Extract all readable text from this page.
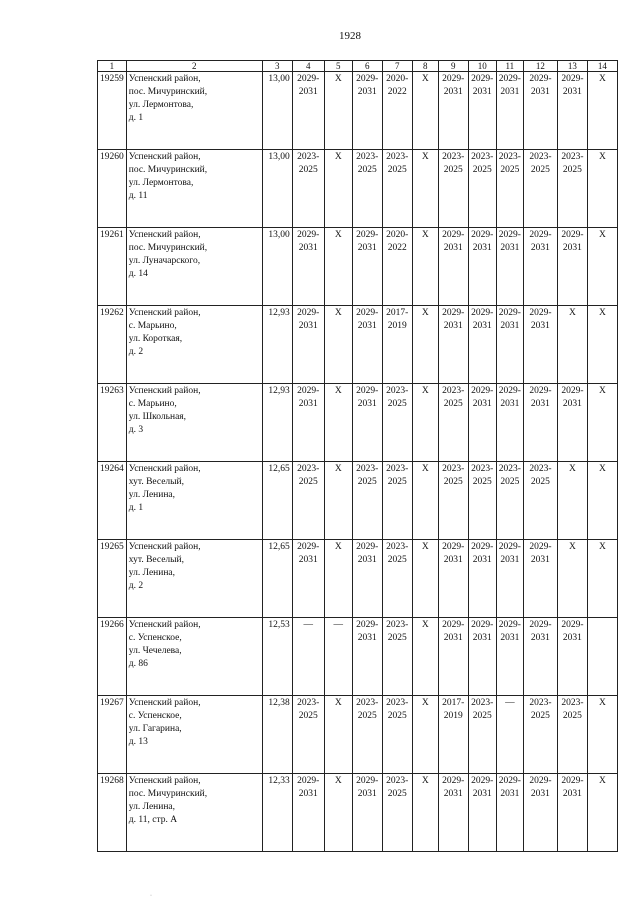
1928
1	2	3	4	5	6	7	8	9	10	11	12	13	14
19259	Успенский район,
пос. Мичуринский,
ул. Лермонтова,
д. 1	13,00	2029-
2031	X	2029-
2031	2020-
2022	X	2029-
2031	2029-
2031	2029-
2031	2029-
2031	2029-
2031	X

19260	Успенский район,
пос. Мичуринский,
ул. Лермонтова,
д. 11	13,00	2023-
2025	X	2023-
2025	2023-
2025	X	2023-
2025	2023-
2025	2023-
2025	2023-
2025	2023-
2025	X

19261	Успенский район,
пос. Мичуринский,
ул. Луначарского,
д. 14	13,00	2029-
2031	X	2029-
2031	2020-
2022	X	2029-
2031	2029-
2031	2029-
2031	2029-
2031	2029-
2031	X

19262	Успенский район,
с. Марьино,
ул. Короткая,
д. 2	12,93	2029-
2031	X	2029-
2031	2017-
2019	X	2029-
2031	2029-
2031	2029-
2031	2029-
2031	X	X

19263	Успенский район,
с. Марьино,
ул. Школьная,
д. 3	12,93	2029-
2031	X	2029-
2031	2023-
2025	X	2023-
2025	2029-
2031	2029-
2031	2029-
2031	2029-
2031	X

19264	Успенский район,
хут. Веселый,
ул. Ленина,
д. 1	12,65	2023-
2025	X	2023-
2025	2023-
2025	X	2023-
2025	2023-
2025	2023-
2025	2023-
2025	X	X

19265	Успенский район,
хут. Веселый,
ул. Ленина,
д. 2	12,65	2029-
2031	X	2029-
2031	2023-
2025	X	2029-
2031	2029-
2031	2029-
2031	2029-
2031	X	X

19266	Успенский район,
с. Успенское,
ул. Чечелева,
д. 86	12,53	—	—	2029-
2031	2023-
2025	X	2029-
2031	2029-
2031	2029-
2031	2029-
2031	2029-
2031	

19267	Успенский район,
с. Успенское,
ул. Гагарина,
д. 13	12,38	2023-
2025	X	2023-
2025	2023-
2025	X	2017-
2019	2023-
2025	—	2023-
2025	2023-
2025	X

19268	Успенский район,
пос. Мичуринский,
ул. Ленина,
д. 11, стр. А	12,33	2029-
2031	X	2029-
2031	2023-
2025	X	2029-
2031	2029-
2031	2029-
2031	2029-
2031	2029-
2031	X
·
